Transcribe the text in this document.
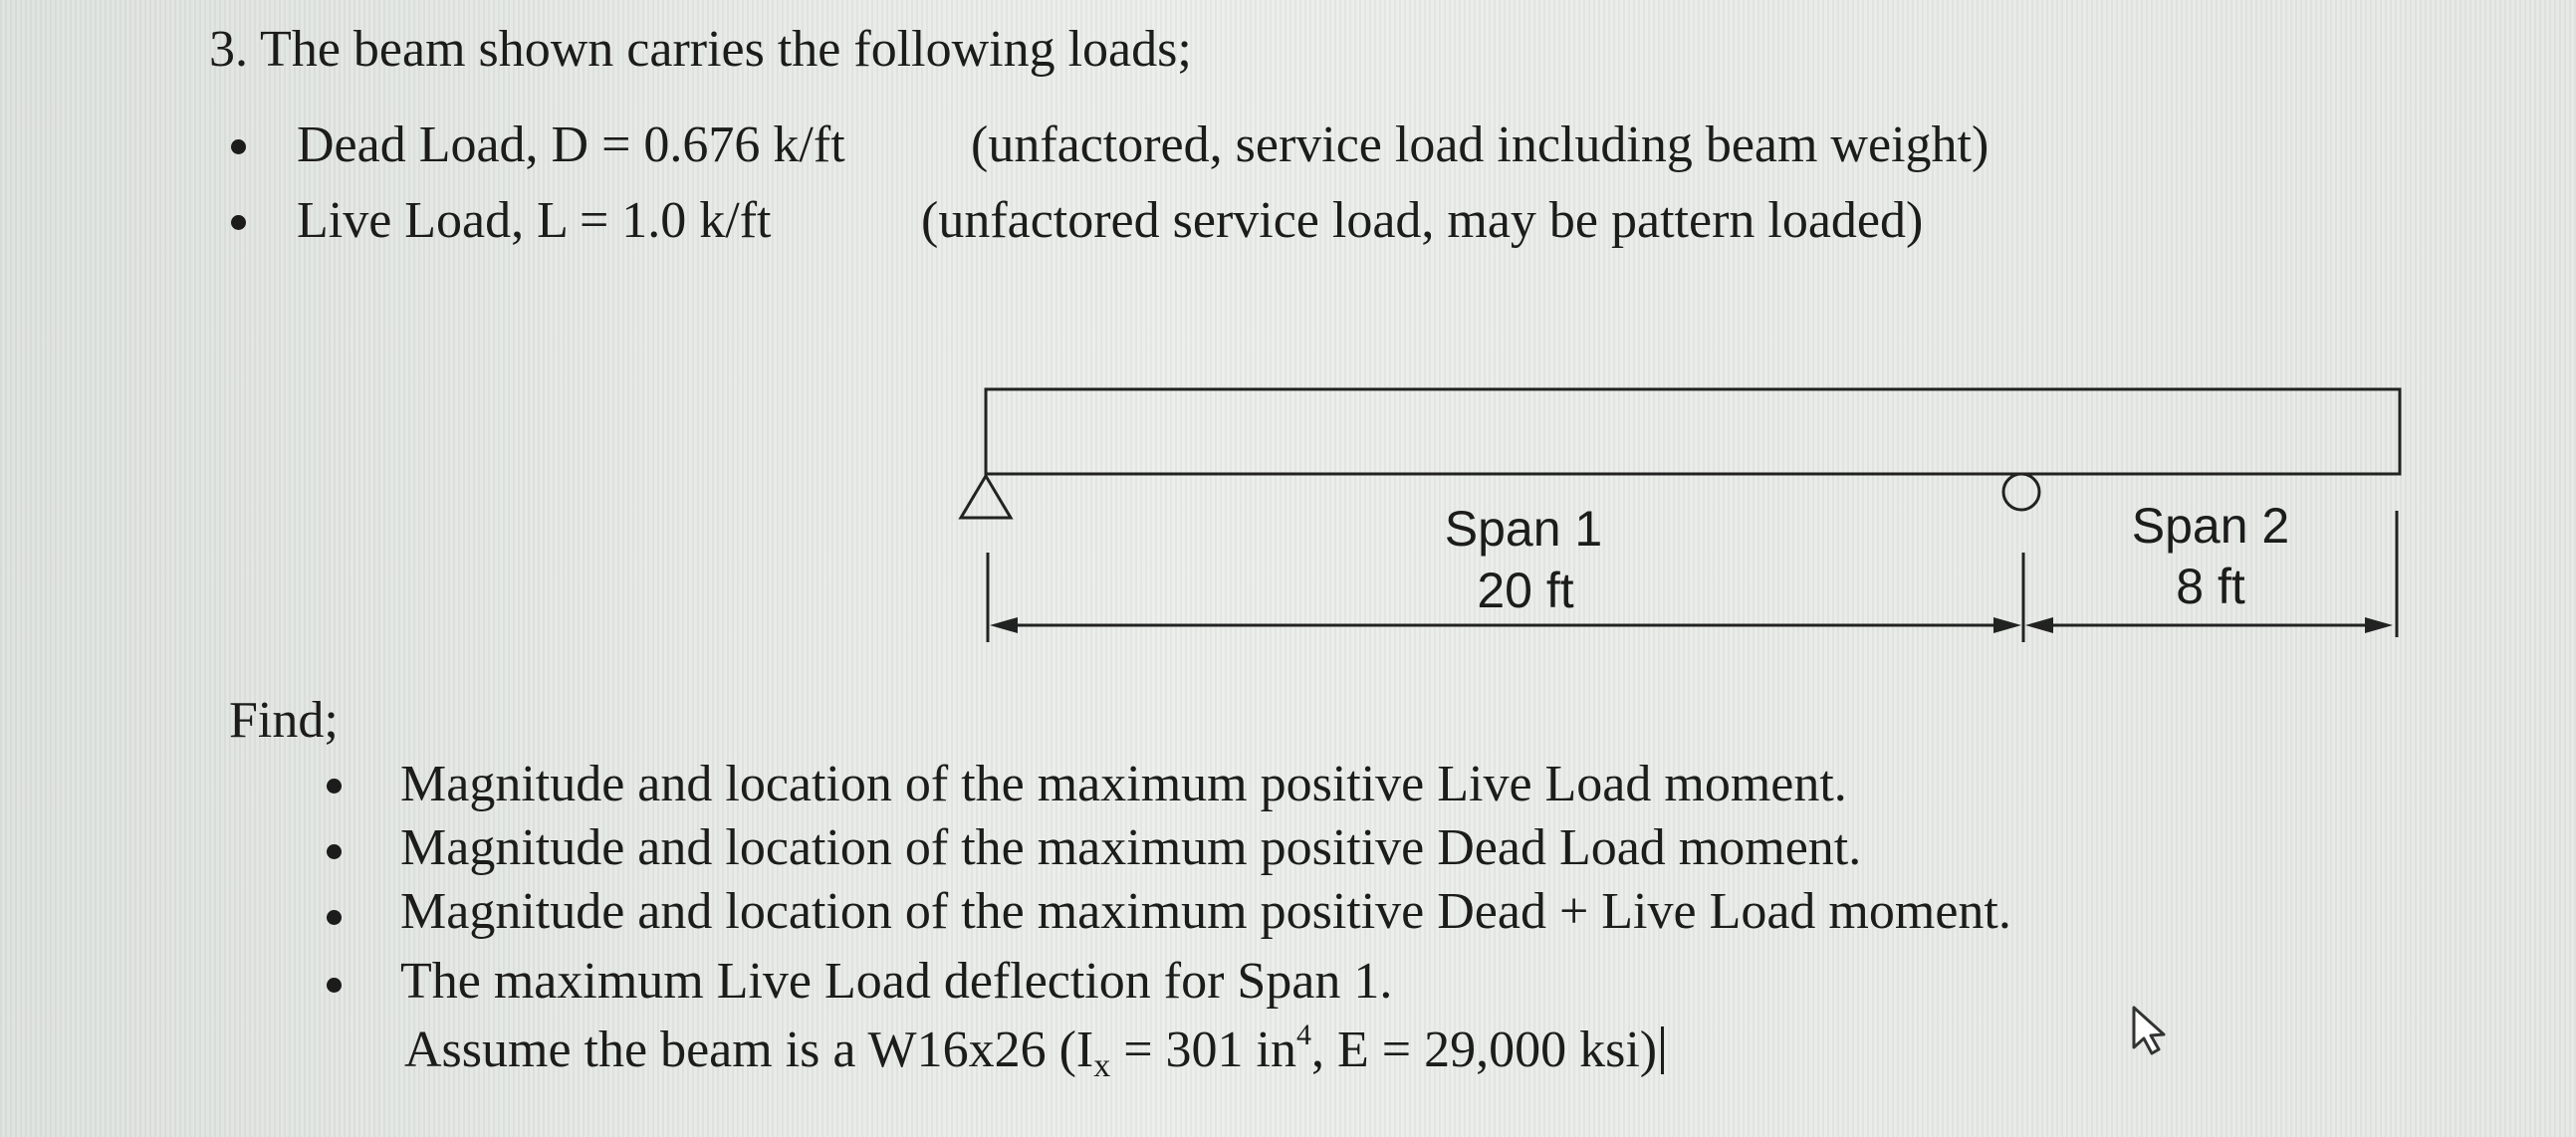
3. The beam shown carries the following loads;
Dead Load, D = 0.676 k/ft (unfactored, service load including beam weight)
Live Load, L = 1.0 k/ft	(unfactored service load, may be pattern loaded)
Span 1
20 ft
Span 2
8 ft
Find;
Magnitude and location of the maximum positive Live Load moment.
Magnitude and location of the maximum positive Dead Load moment.
Magnitude and location of the maximum positive Dead + Live Load moment.
The maximum Live Load deflection for Span 1.
Assume the beam is a W16x26 ($I_x = 301$ $in^4$, E = 29,000 ksi)
